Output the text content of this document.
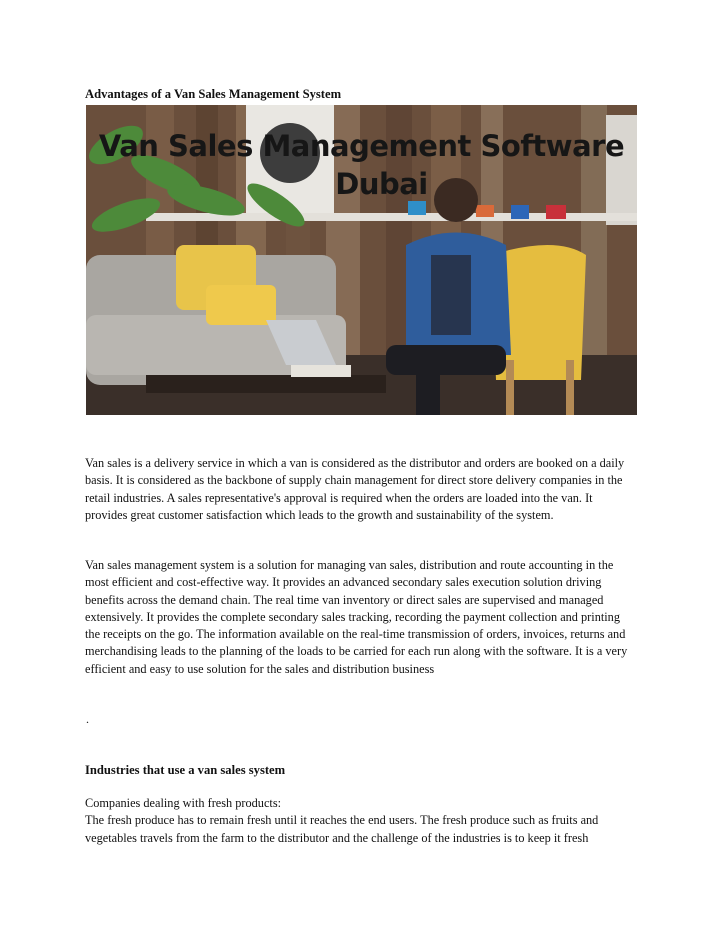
Advantages of a Van Sales Management System
Van Sales Management Software
Dubai
Van sales is a delivery service in which a van is considered as the distributor and orders are booked on a daily basis. It is considered as the backbone of supply chain management for direct store delivery companies in the retail industries. A sales representative's approval is required when the orders are loaded into the van. It provides great customer satisfaction which leads to the growth and sustainability of the system.
Van sales management system is a solution for managing van sales, distribution and route accounting in the most efficient and cost-effective way. It provides an advanced secondary sales execution solution driving benefits across the demand chain. The real time van inventory or direct sales are supervised and managed extensively. It provides the complete secondary sales tracking, recording the payment collection and printing the receipts on the go. The information available on the real-time transmission of orders, invoices, returns and merchandising leads to the planning of the loads to be carried for each run along with the software. It is a very efficient and easy to use solution for the sales and distribution business
.
Industries that use a van sales system
Companies dealing with fresh products:
The fresh produce has to remain fresh until it reaches the end users. The fresh produce such as fruits and vegetables travels from the farm to the distributor and the challenge of the industries is to keep it fresh
